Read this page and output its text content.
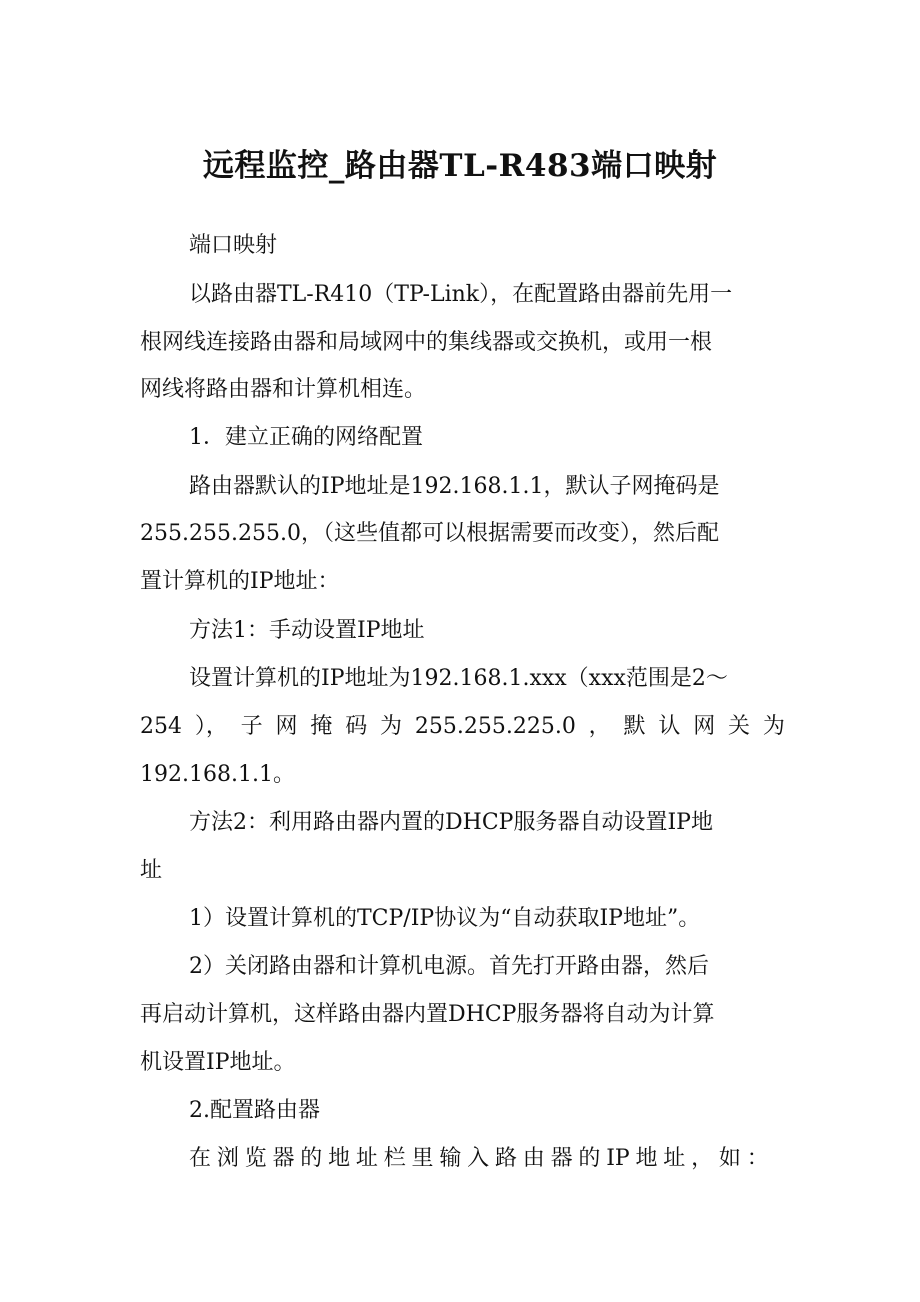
远程监控_路由器TL-R483端口映射
端口映射
以路由器TL-R410（TP-Link），在配置路由器前先用一
根网线连接路由器和局域网中的集线器或交换机，或用一根
网线将路由器和计算机相连。
1．建立正确的网络配置
路由器默认的IP地址是192.168.1.1，默认子网掩码是
255.255.255.0，（这些值都可以根据需要而改变），然后配
置计算机的IP地址：
方法1：手动设置IP地址
设置计算机的IP地址为192.168.1.xxx（xxx范围是2～
254 ）， 子 网 掩 码 为 255.255.225.0 ， 默 认 网 关 为
192.168.1.1。
方法2：利用路由器内置的DHCP服务器自动设置IP地
址
1）设置计算机的TCP/IP协议为“自动获取IP地址”。
2）关闭路由器和计算机电源。首先打开路由器，然后
再启动计算机，这样路由器内置DHCP服务器将自动为计算
机设置IP地址。
2.配置路由器
在 浏 览 器 的 地 址 栏 里 输 入 路 由 器 的 IP 地 址 ， 如 ：
